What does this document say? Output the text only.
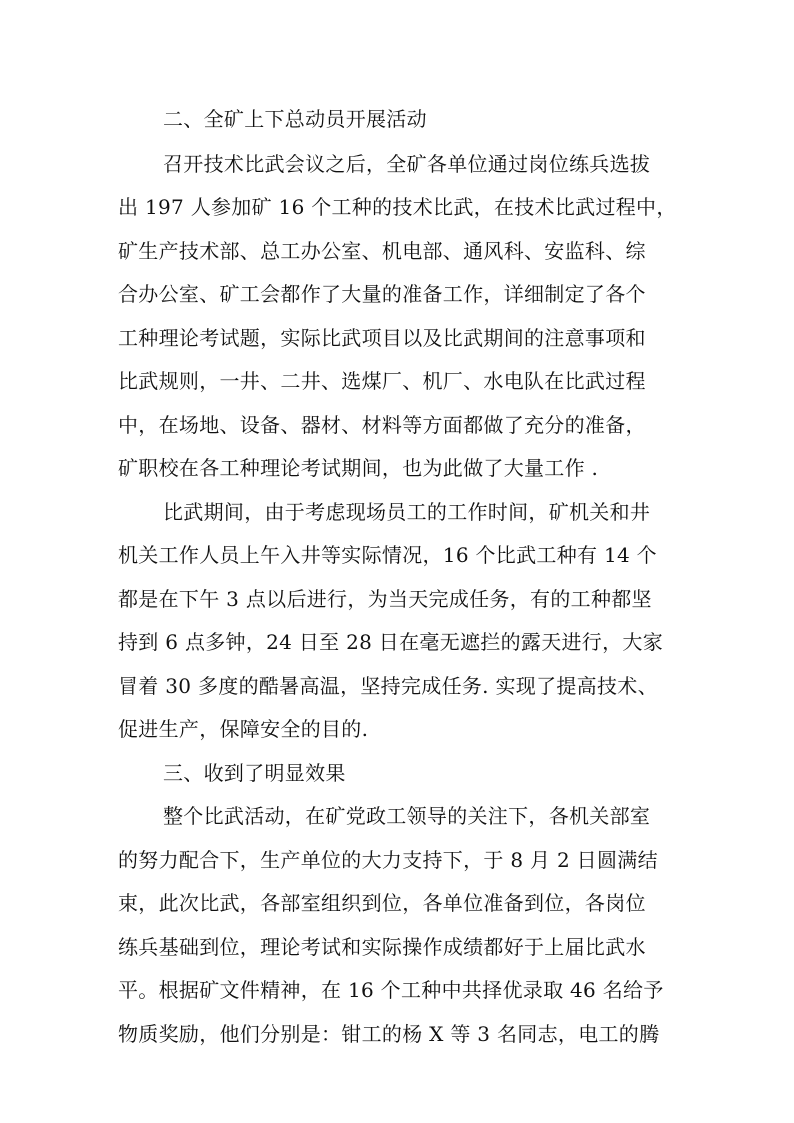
二、全矿上下总动员开展活动

召开技术比武会议之后，全矿各单位通过岗位练兵选拔

出 197 人参加矿 16 个工种的技术比武，在技术比武过程中，

矿生产技术部、总工办公室、机电部、通风科、安监科、综

合办公室、矿工会都作了大量的准备工作，详细制定了各个

工种理论考试题，实际比武项目以及比武期间的注意事项和

比武规则，一井、二井、选煤厂、机厂、水电队在比武过程

中，在场地、设备、器材、材料等方面都做了充分的准备，

矿职校在各工种理论考试期间，也为此做了大量工作 .

比武期间，由于考虑现场员工的工作时间，矿机关和井

机关工作人员上午入井等实际情况，16 个比武工种有 14 个

都是在下午 3 点以后进行，为当天完成任务，有的工种都坚

持到 6 点多钟，24 日至 28 日在毫无遮拦的露天进行，大家

冒着 30 多度的酷暑高温，坚持完成任务. 实现了提高技术、

促进生产，保障安全的目的.

三、收到了明显效果

整个比武活动，在矿党政工领导的关注下，各机关部室

的努力配合下，生产单位的大力支持下，于 8 月 2 日圆满结

束，此次比武，各部室组织到位，各单位准备到位，各岗位

练兵基础到位，理论考试和实际操作成绩都好于上届比武水

平。根据矿文件精神，在 16 个工种中共择优录取 46 名给予

物质奖励，他们分别是：钳工的杨 X 等 3 名同志，电工的腾
